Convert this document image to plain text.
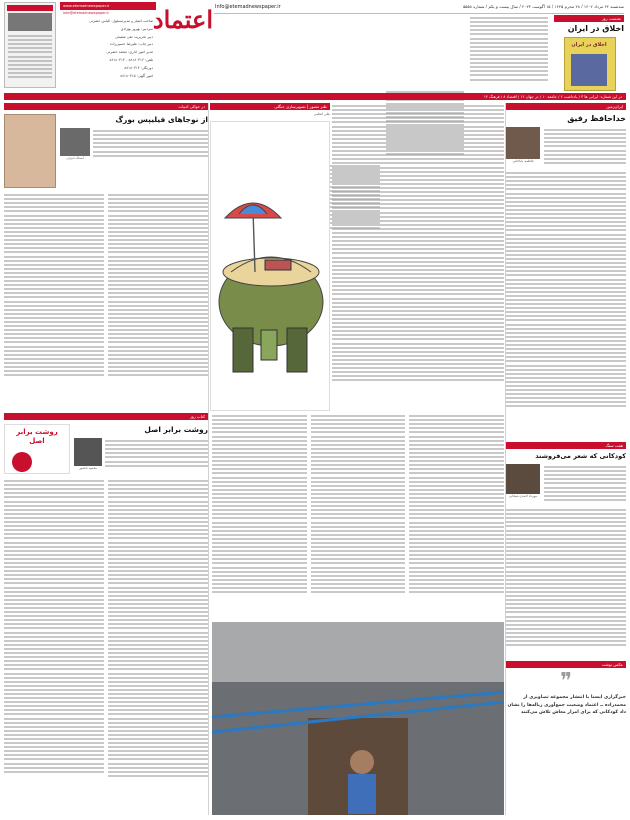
www.etemadnewspaper.ir
info@etemadnewspaper.ir
صاحب امتیاز و مدیرمسئول: الیاس حضرتی
سردبیر: بهروز بهزادی
دبیر تحریریه: تقی شفیعی
دبیر چاپ: علیرضا حسین‌زاده
مدیر امور اداری: محمد حضرتی
تلفن: ۸۸۱۸۰۳۱۲ - ۸۸۱۸۰۳۱۳
دورنگار: ۸۸۱۸۰۳۱۴
امور آگهی: ۸۸۱۸۰۳۱۵
اعتماد Info@etemadnewspaper.ir	سه‌شنبه ۲۴ مرداد ۱۴۰۲ / ۲۸ محرم ۱۴۴۵ / ۱۵ آگوست ۲۰۲۳ / سال بیست و یکم / شماره ۵۵۵۸
نشست روز
اخلاق در ایران
اخلاق در ایران
در این شماره: ایرانی ها ۳ / یادداشت ۲ / جامعه ۱۰ / در جهان ۱۲ / اقتصاد ۸ / فرهنگ ۱۴
ایران‌زمین
خداحافظ رفیق
فاطمه باباخانی
هفت سنگ
کودکانی که شعر می‌فروشند
مهرداد احمدی شیخانی
عکس نوشت
❞
خبرگزاری ایسنا با انتشار مجموعه تصاویری از محمدزاده ــ اعتماد وضعیت جمع‌آوری زباله‌ها را نشان داد کودکانی که برای امرار معاش تلاش می‌کنند
طنز مصور | تصویرسازی جنگلی
علی انجلیی
در حوالی ادبیات
از نوجاهای فیلیپس بورگ
اسداله امرایی
کتاب روز
روشت برابر اصل
محمود دانشور
روشت برابر اصل
